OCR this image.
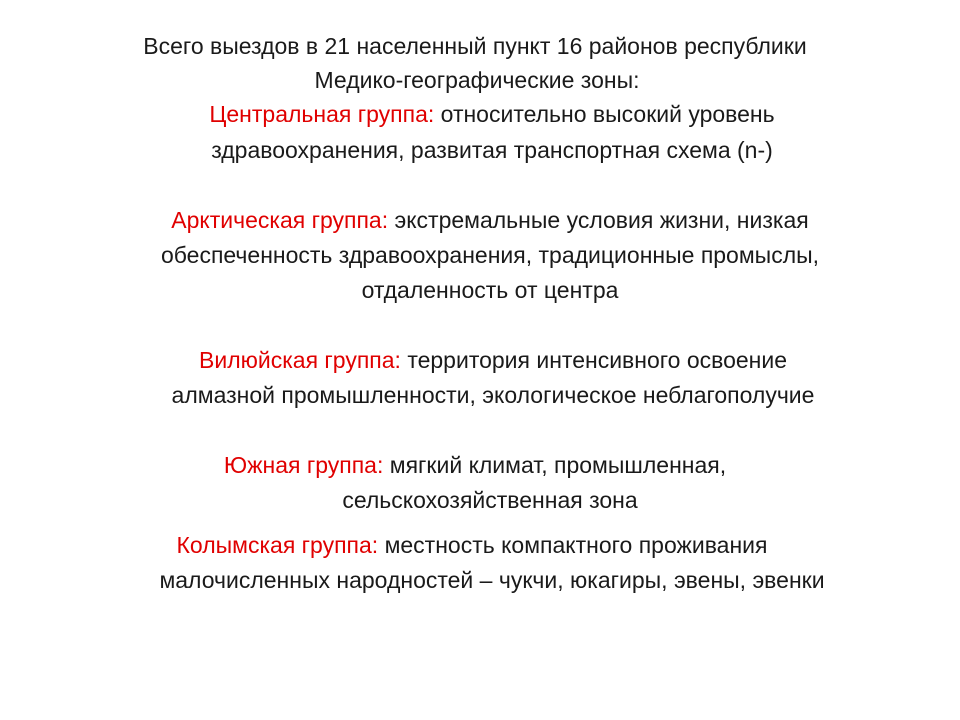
Всего выездов в 21 населенный пункт 16 районов республики
Медико-географические зоны:
Центральная группа: относительно высокий уровень
здравоохранения, развитая транспортная схема (n-)
Арктическая группа: экстремальные условия жизни, низкая
обеспеченность здравоохранения, традиционные промыслы,
отдаленность от центра
Вилюйская группа: территория интенсивного освоение
алмазной промышленности, экологическое неблагополучие
Южная группа: мягкий климат, промышленная,
сельскохозяйственная зона
Колымская группа: местность компактного проживания
малочисленных народностей – чукчи, юкагиры, эвены, эвенки
